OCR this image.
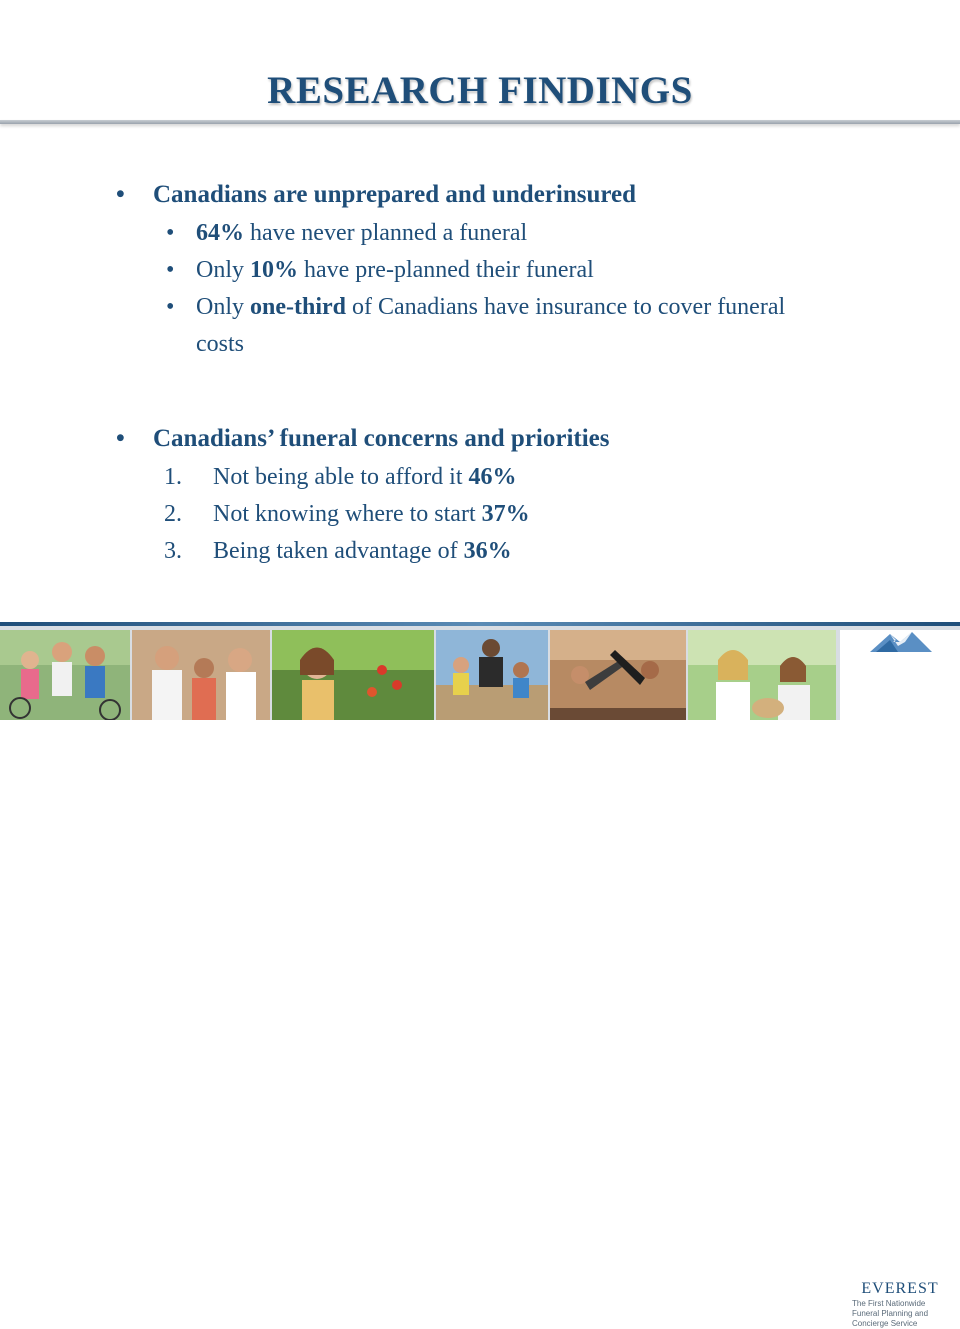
RESEARCH FINDINGS
• Canadians are unprepared and underinsured
• 64% have never planned a funeral
• Only 10% have pre-planned their funeral
• Only one-third of Canadians have insurance to cover funeral costs
• Canadians’ funeral concerns and priorities
1. Not being able to afford it 46%
2. Not knowing where to start 37%
3. Being taken advantage of 36%
EVEREST
The First Nationwide Funeral Planning and Concierge Service
